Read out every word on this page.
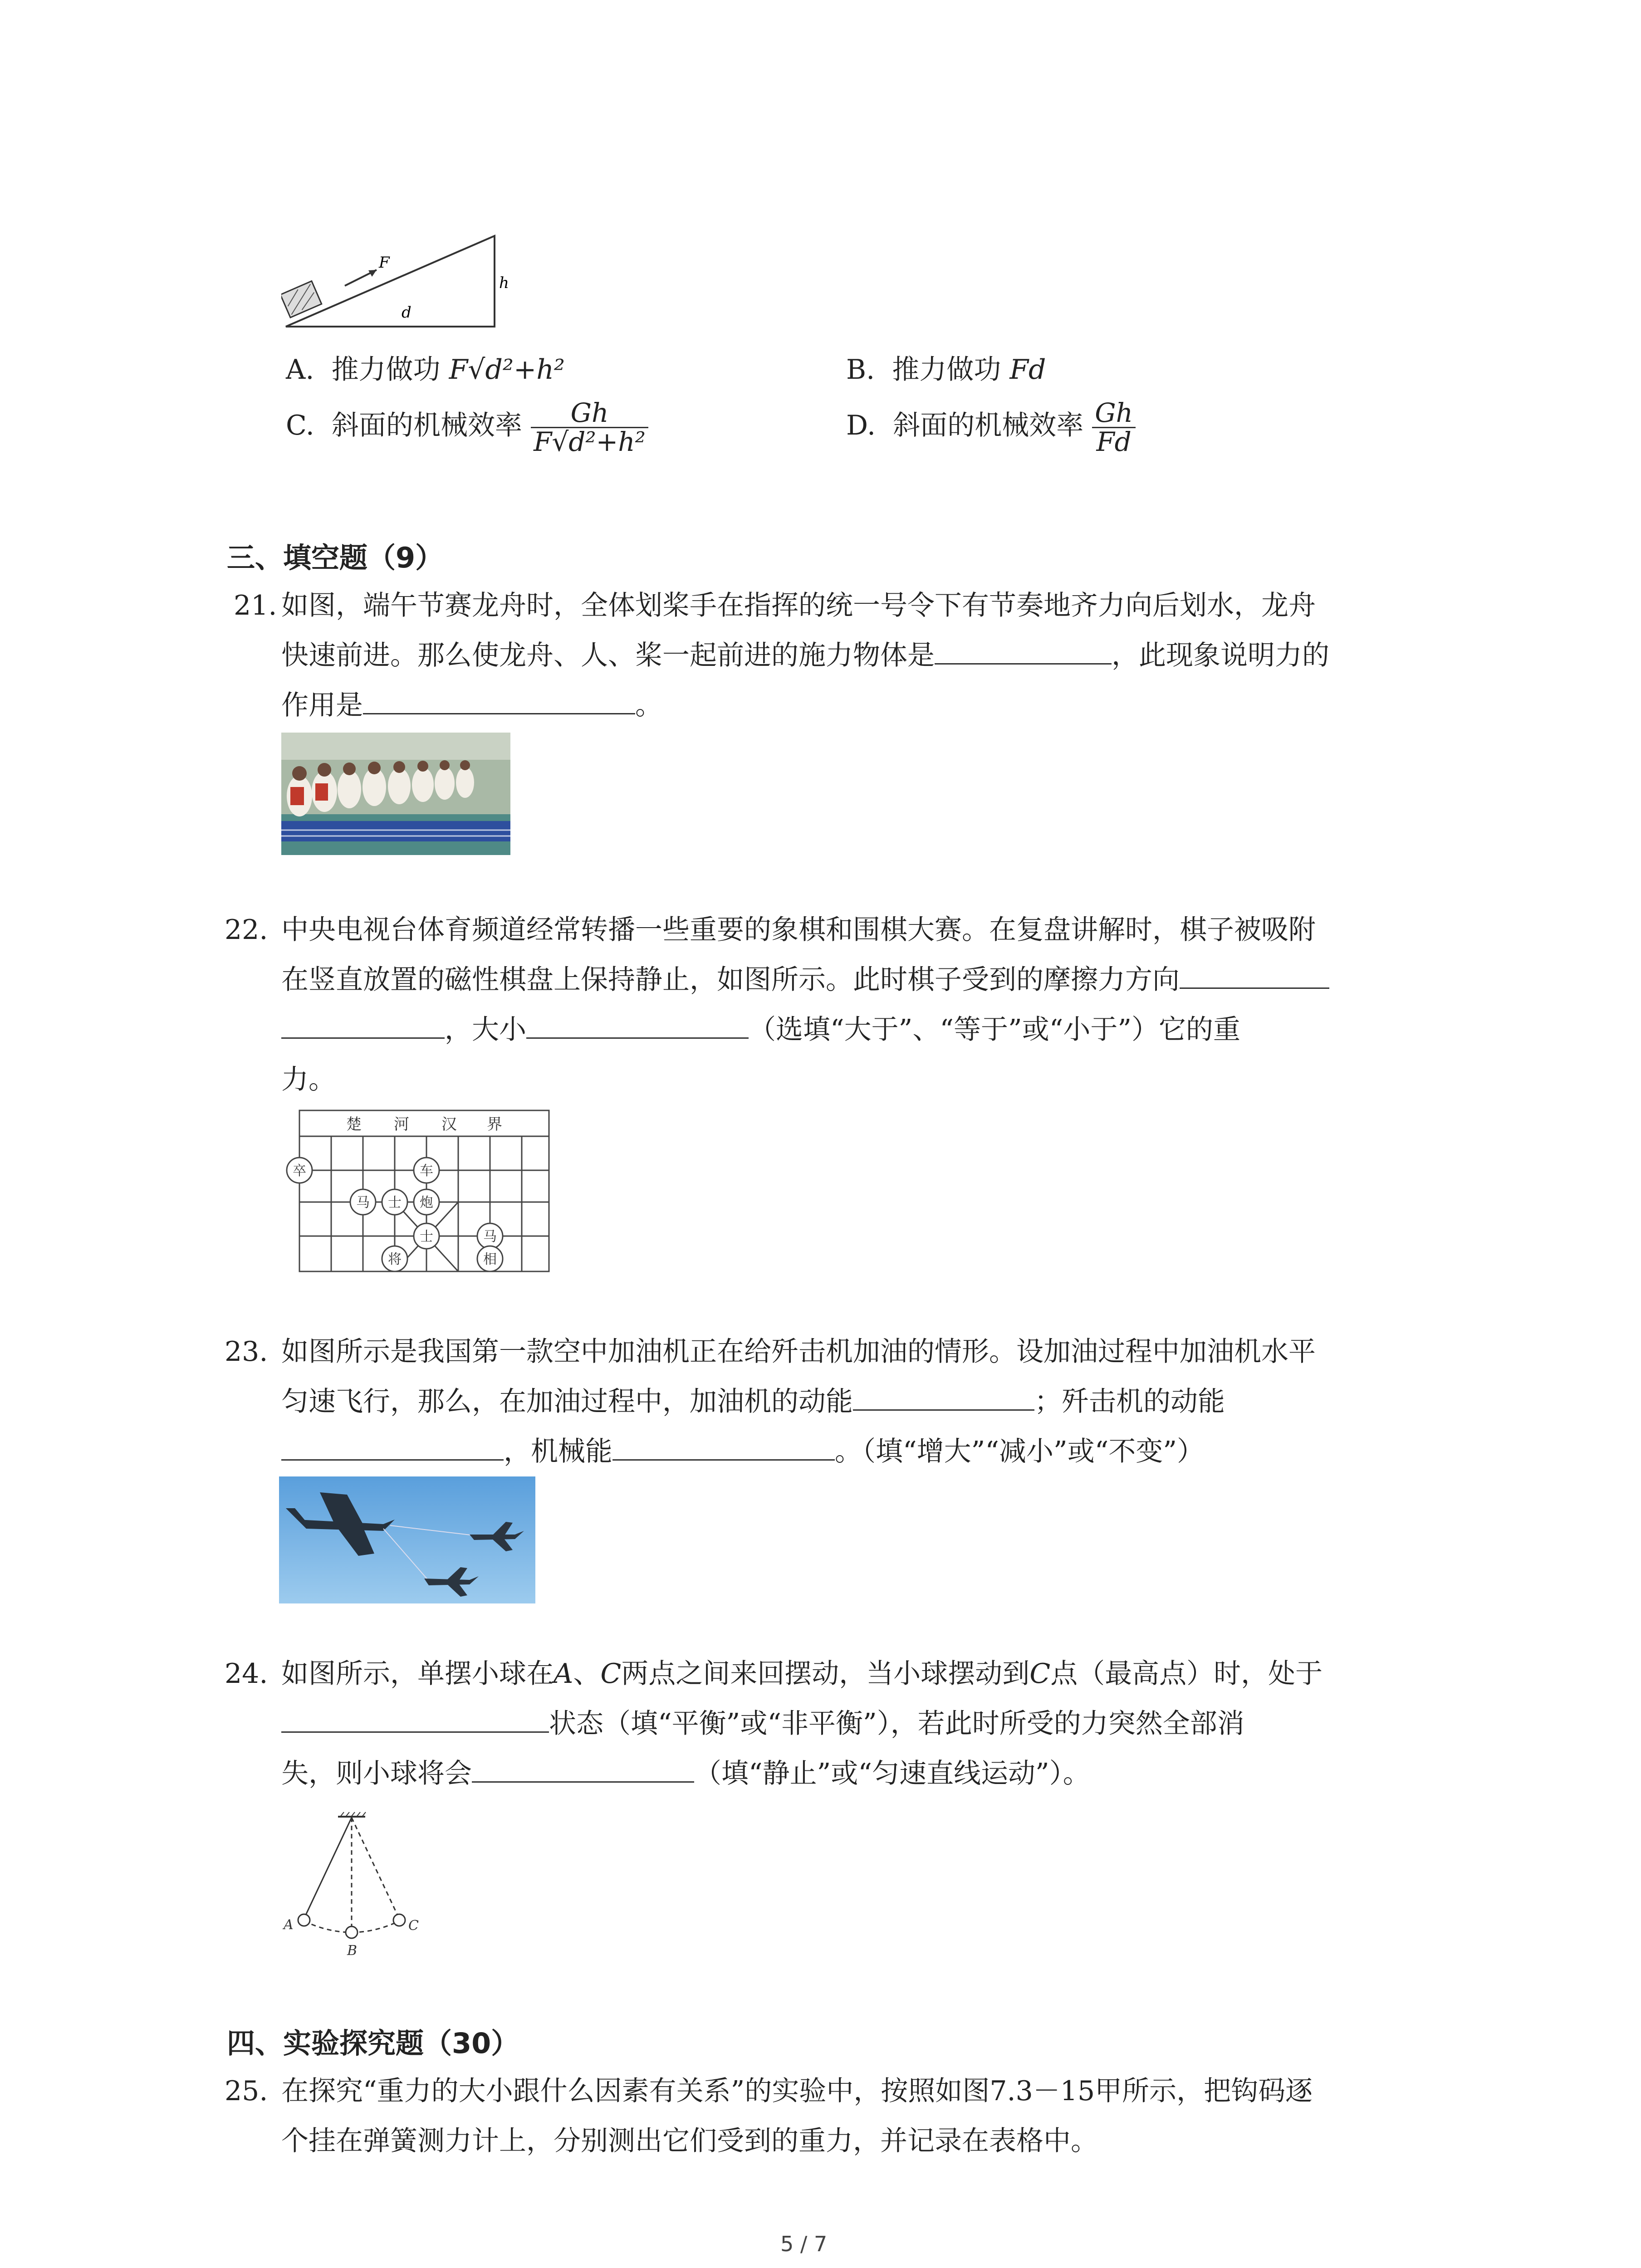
F
d
h
A. 推力做功 F√d²+h²	B. 推力做功 Fd
C. 斜面的机械效率 $\frac{Gh}{\text{F√d²+h²}}$	D. 斜面的机械效率 $\frac{Gh}{Fd}$
三、填空题（9）
21. 如图，端午节赛龙舟时，全体划桨手在指挥的统一号令下有节奏地齐力向后划水，龙舟
快速前进。那么使龙舟、人、桨一起前进的施力物体是	，此现象说明力的
作用是	。
22. 中央电视台体育频道经常转播一些重要的象棋和围棋大赛。在复盘讲解时，棋子被吸附
在竖直放置的磁性棋盘上保持静止，如图所示。此时棋子受到的摩擦力方向
，大小	（选填“大于”、“等于”或“小于”）它的重
力。
楚 河 汉 界
卒	车
马 士 炮
士	马
将	相
23. 如图所示是我国第一款空中加油机正在给歼击机加油的情形。设加油过程中加油机水平
匀速飞行，那么，在加油过程中，加油机的动能	；歼击机的动能
，机械能	。（填“增大”“减小”或“不变”）
24. 如图所示，单摆小球在A、C两点之间来回摆动，当小球摆动到C点（最高点）时，处于
状态（填“平衡”或“非平衡”），若此时所受的力突然全部消
失，则小球将会	（填“静止”或“匀速直线运动”）。
A
B
C
四、实验探究题（30）
25. 在探究“重力的大小跟什么因素有关系”的实验中，按照如图7.3－15甲所示，把钩码逐
个挂在弹簧测力计上，分别测出它们受到的重力，并记录在表格中。
5 / 7
